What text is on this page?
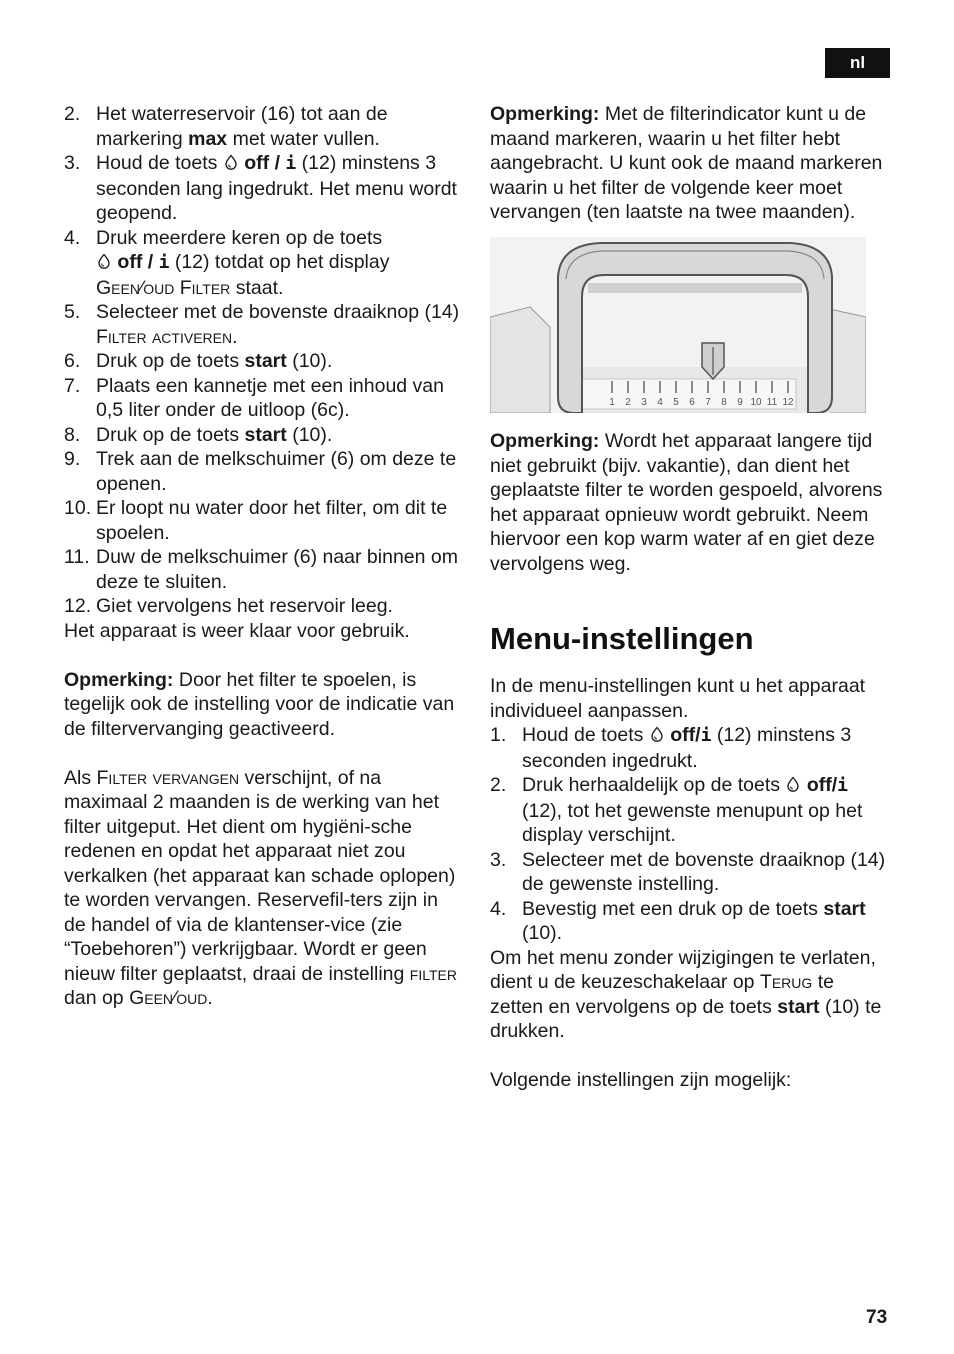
nl
2. Het waterreservoir (16) tot aan de markering max met water vullen.
3. Houd de toets  off / i (12) minstens 3 seconden lang ingedrukt. Het menu wordt geopend.
4. Druk meerdere keren op de toets
off / i (12) totdat op het display
Geen∕oud Filter staat.
5. Selecteer met de bovenste draaiknop (14) Filter activeren.
6. Druk op de toets start (10).
7. Plaats een kannetje met een inhoud van 0,5 liter onder de uitloop (6c).
8. Druk op de toets start (10).
9. Trek aan de melkschuimer (6) om deze te openen.
10. Er loopt nu water door het filter, om dit te spoelen.
11. Duw de melkschuimer (6) naar binnen om deze te sluiten.
12. Giet vervolgens het reservoir leeg.

Het apparaat is weer klaar voor gebruik.

Opmerking: Door het filter te spoelen, is tegelijk ook de instelling voor de indicatie van de filtervervanging geactiveerd.

Als Filter vervangen verschijnt, of na maximaal 2 maanden is de werking van het filter uitgeput. Het dient om hygiëni-sche redenen en opdat het apparaat niet zou verkalken (het apparaat kan schade oplopen) te worden vervangen. Reservefil-ters zijn in de handel of via de klantenser-vice (zie “Toebehoren”) verkrijgbaar. Wordt er geen nieuw filter geplaatst, draai de instelling filter dan op Geen∕oud.

Opmerking: Met de filterindicator kunt u de maand markeren, waarin u het filter hebt aangebracht. U kunt ook de maand markeren waarin u het filter de volgende keer moet vervangen (ten laatste na twee maanden).

1 2 3 4 5 6 7 8 9 10 11 12

Opmerking: Wordt het apparaat langere tijd niet gebruikt (bijv. vakantie), dan dient het geplaatste filter te worden gespoeld, alvorens het apparaat opnieuw wordt gebruikt. Neem hiervoor een kop warm water af en giet deze vervolgens weg.

Menu-instellingen

In de menu-instellingen kunt u het apparaat individueel aanpassen.

1. Houd de toets  off/i (12) minstens 3 seconden ingedrukt.
2. Druk herhaaldelijk op de toets  off/i (12), tot het gewenste menupunt op het display verschijnt.
3. Selecteer met de bovenste draaiknop (14) de gewenste instelling.
4. Bevestig met een druk op de toets start (10).

Om het menu zonder wijzigingen te verlaten, dient u de keuzeschakelaar op Terug te zetten en vervolgens op de toets start (10) te drukken.

Volgende instellingen zijn mogelijk:

73
